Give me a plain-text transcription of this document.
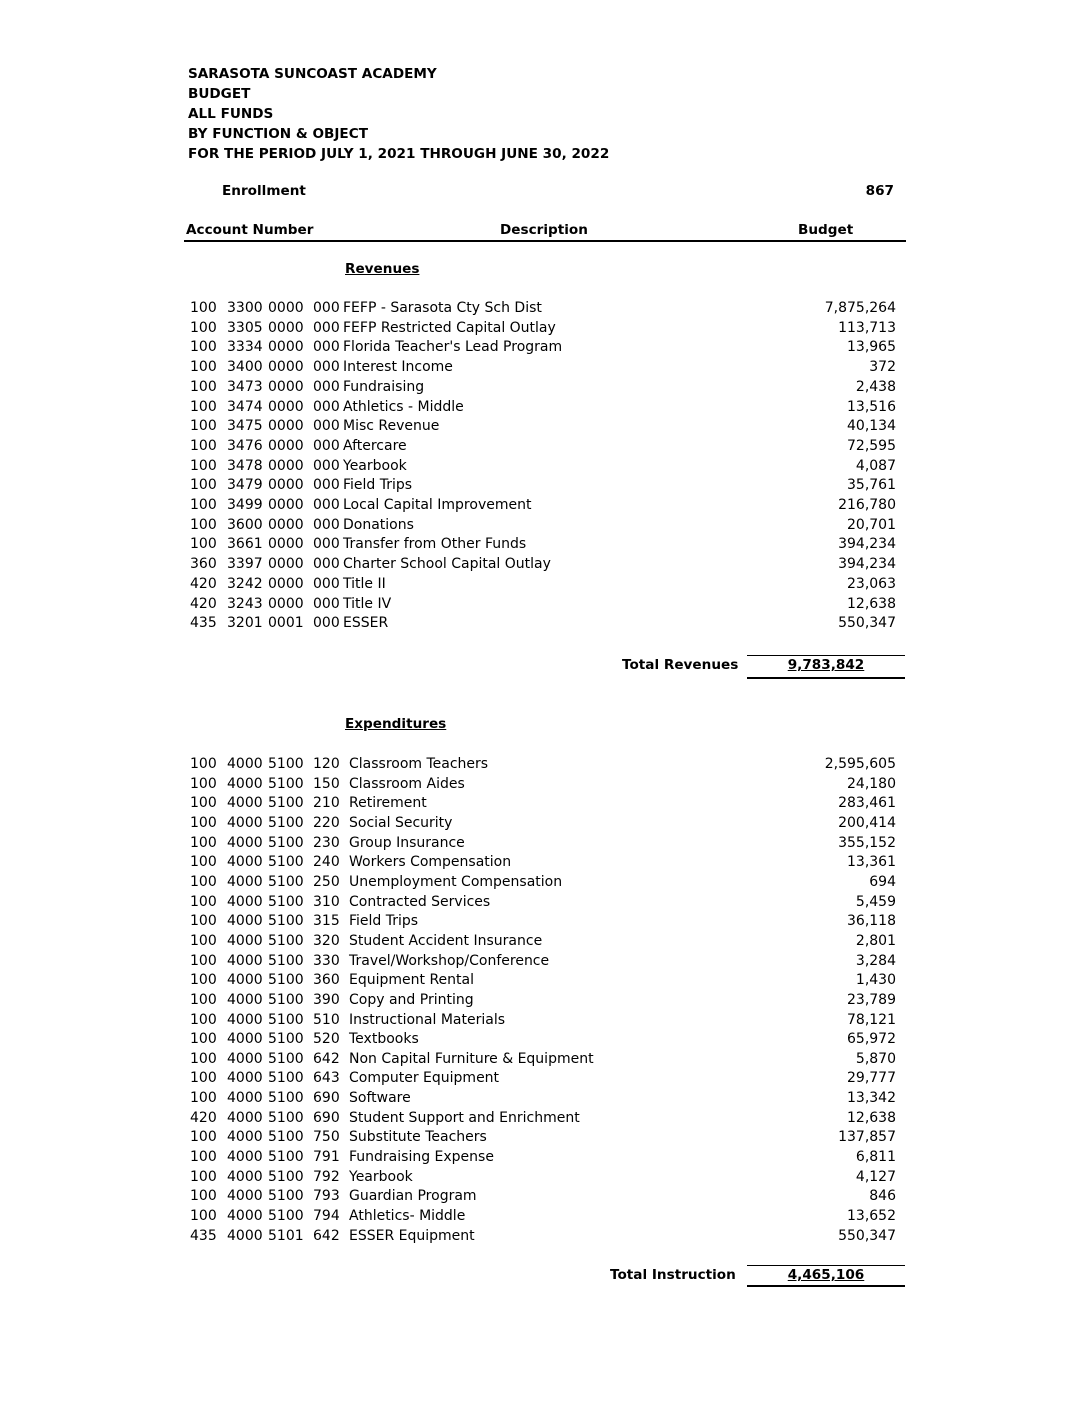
SARASOTA SUNCOAST ACADEMY
BUDGET
ALL FUNDS
BY FUNCTION & OBJECT
FOR THE PERIOD JULY 1, 2021 THROUGH JUNE 30, 2022
Enrollment	867
Account Number	Description	Budget
Revenues
100 3300 0000 000 FEFP - Sarasota Cty Sch Dist	7,875,264
100 3305 0000 000 FEFP Restricted Capital Outlay	113,713
100 3334 0000 000 Florida Teacher's Lead Program	13,965
100 3400 0000 000 Interest Income	372
100 3473 0000 000 Fundraising	2,438
100 3474 0000 000 Athletics - Middle	13,516
100 3475 0000 000 Misc Revenue	40,134
100 3476 0000 000 Aftercare	72,595
100 3478 0000 000 Yearbook	4,087
100 3479 0000 000 Field Trips	35,761
100 3499 0000 000 Local Capital Improvement	216,780
100 3600 0000 000 Donations	20,701
100 3661 0000 000 Transfer from Other Funds	394,234
360 3397 0000 000 Charter School Capital Outlay	394,234
420 3242 0000 000 Title II	23,063
420 3243 0000 000 Title IV	12,638
435 3201 0001 000 ESSER	550,347
Total Revenues	9,783,842
Expenditures
100 4000 5100 120 Classroom Teachers	2,595,605
100 4000 5100 150 Classroom Aides	24,180
100 4000 5100 210 Retirement	283,461
100 4000 5100 220 Social Security	200,414
100 4000 5100 230 Group Insurance	355,152
100 4000 5100 240 Workers Compensation	13,361
100 4000 5100 250 Unemployment Compensation	694
100 4000 5100 310 Contracted Services	5,459
100 4000 5100 315 Field Trips	36,118
100 4000 5100 320 Student Accident Insurance	2,801
100 4000 5100 330 Travel/Workshop/Conference	3,284
100 4000 5100 360 Equipment Rental	1,430
100 4000 5100 390 Copy and Printing	23,789
100 4000 5100 510 Instructional Materials	78,121
100 4000 5100 520 Textbooks	65,972
100 4000 5100 642 Non Capital Furniture & Equipment	5,870
100 4000 5100 643 Computer Equipment	29,777
100 4000 5100 690 Software	13,342
420 4000 5100 690 Student Support and Enrichment	12,638
100 4000 5100 750 Substitute Teachers	137,857
100 4000 5100 791 Fundraising Expense	6,811
100 4000 5100 792 Yearbook	4,127
100 4000 5100 793 Guardian Program	846
100 4000 5100 794 Athletics- Middle	13,652
435 4000 5101 642 ESSER Equipment	550,347
Total Instruction	4,465,106
